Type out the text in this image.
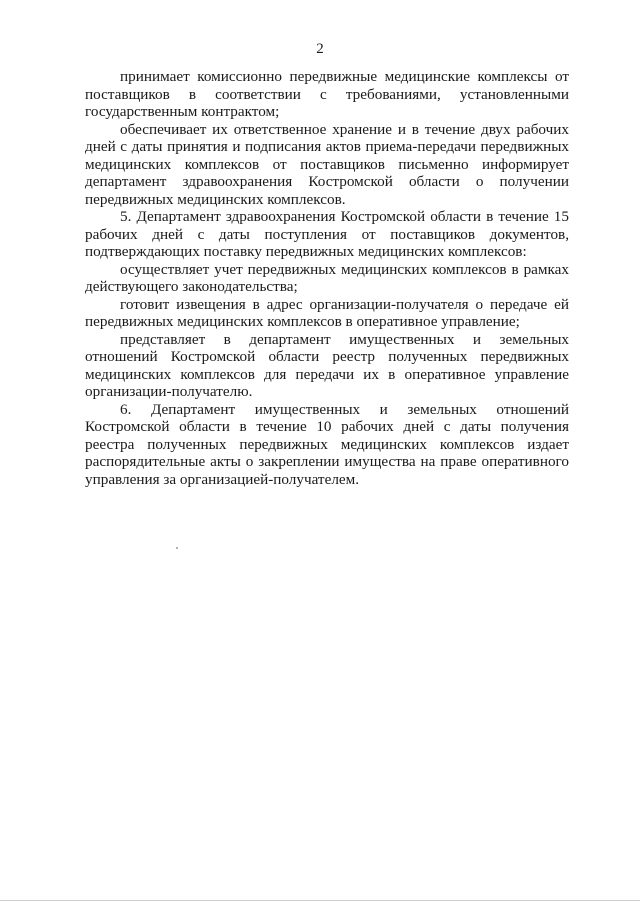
2

принимает комиссионно передвижные медицинские комплексы от поставщиков в соответствии с требованиями, установленными государственным контрактом;

обеспечивает их ответственное хранение и в течение двух рабочих дней с даты принятия и подписания актов приема-передачи передвижных медицинских комплексов от поставщиков письменно информирует департамент здравоохранения Костромской области о получении передвижных медицинских комплексов.

5. Департамент здравоохранения Костромской области в течение 15 рабочих дней с даты поступления от поставщиков документов, подтверждающих поставку передвижных медицинских комплексов:

осуществляет учет передвижных медицинских комплексов в рамках действующего законодательства;

готовит извещения в адрес организации-получателя о передаче ей передвижных медицинских комплексов в оперативное управление;

представляет в департамент имущественных и земельных отношений Костромской области реестр полученных передвижных медицинских комплексов для передачи их в оперативное управление организации-получателю.

6. Департамент имущественных и земельных отношений Костромской области в течение 10 рабочих дней с даты получения реестра полученных передвижных медицинских комплексов издает распорядительные акты о закреплении имущества на праве оперативного управления за организацией-получателем.
